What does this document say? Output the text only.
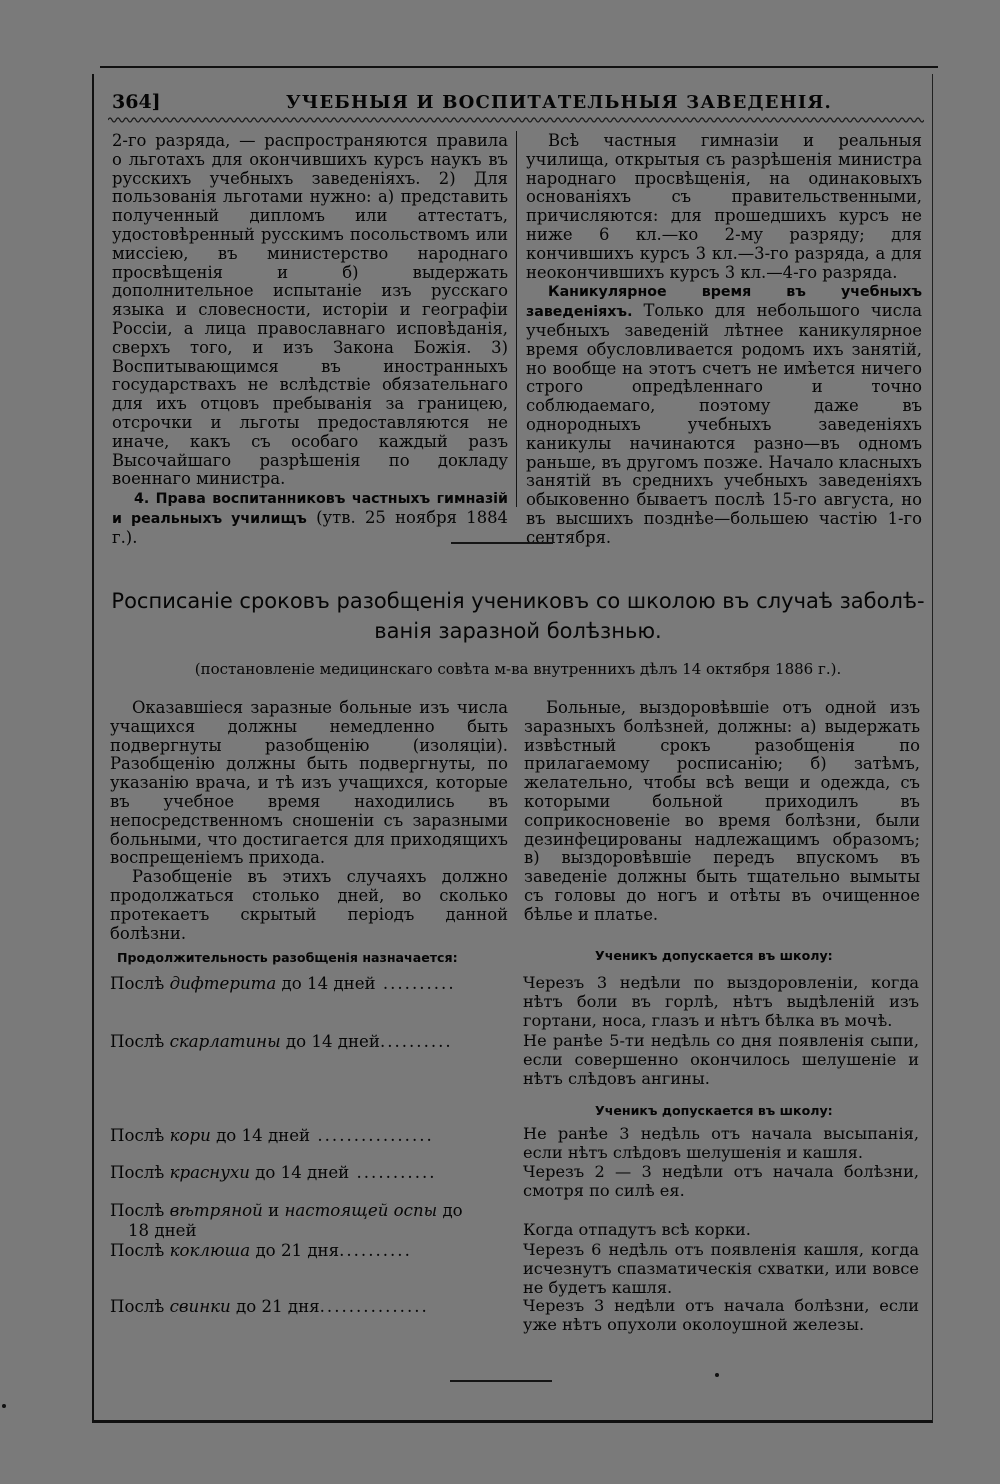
364]	УЧЕБНЫЯ И ВОСПИТАТЕЛЬНЫЯ ЗАВЕДЕНІЯ.

2-го разряда, — распространяются правила о льготахъ для окончившихъ курсъ наукъ въ русскихъ учебныхъ заведеніяхъ. 2) Для пользованія льготами нужно: а) представить полученный дипломъ или аттестатъ, удостовѣренный русскимъ посольствомъ или миссіею, въ министерство народнаго просвѣщенія и б) выдержать дополнительное испытаніе изъ русскаго языка и словесности, исторіи и географіи Россіи, а лица православнаго исповѣданія, сверхъ того, и изъ Закона Божія. 3) Воспитывающимся въ иностранныхъ государствахъ не вслѣдствіе обязательнаго для ихъ отцовъ пребыванія за границею, отсрочки и льготы предоставляются не иначе, какъ съ особаго каждый разъ Высочайшаго разрѣшенія по докладу военнаго министра.

4. Права воспитанниковъ частныхъ гимназій и реальныхъ училищъ (утв. 25 ноября 1884 г.).

Всѣ частныя гимназіи и реальныя училища, открытыя съ разрѣшенія министра народнаго просвѣщенія, на одинаковыхъ основаніяхъ съ правительственными, причисляются: для прошедшихъ курсъ не ниже 6 кл.—ко 2-му разряду; для кончившихъ курсъ 3 кл.—3-го разряда, а для неокончившихъ курсъ 3 кл.—4-го разряда.

Каникулярное время въ учебныхъ заведеніяхъ. Только для небольшого числа учебныхъ заведеній лѣтнее каникулярное время обусловливается родомъ ихъ занятій, но вообще на этотъ счетъ не имѣется ничего строго опредѣленнаго и точно соблюдаемаго, поэтому даже въ однородныхъ учебныхъ заведеніяхъ каникулы начинаются разно—въ одномъ раньше, въ другомъ позже. Начало класныхъ занятій въ среднихъ учебныхъ заведеніяхъ обыковенно бываетъ послѣ 15-го августа, но въ высшихъ позднѣе—большею частію 1-го сентября.

Росписаніе сроковъ разобщенія учениковъ со школою въ случаѣ заболѣ-
ванія заразной болѣзнью.
(постановленіе медицинскаго совѣта м-ва внутреннихъ дѣлъ 14 октября 1886 г.).

Оказавшіеся заразные больные изъ числа учащихся должны немедленно быть подвергнуты разобщенію (изоляціи). Разобщенію должны быть подвергнуты, по указанію врача, и тѣ изъ учащихся, которые въ учебное время находились въ непосредственномъ сношеніи съ заразными больными, что достигается для приходящихъ воспрещеніемъ прихода.

Разобщеніе въ этихъ случаяхъ должно продолжаться столько дней, во сколько протекаетъ скрытый періодъ данной болѣзни.

Больные, выздоровѣвшіе отъ одной изъ заразныхъ болѣзней, должны: а) выдержать извѣстный срокъ разобщенія по прилагаемому росписанію; б) затѣмъ, желательно, чтобы всѣ вещи и одежда, съ которыми больной приходилъ въ соприкосновеніе во время болѣзни, были дезинфецированы надлежащимъ образомъ; в) выздоровѣвшіе передъ впускомъ въ заведеніе должны быть тщательно вымыты съ головы до ногъ и отѣты въ очищенное бѣлье и платье.

Продолжительность разобщенія назначается:	Ученикъ допускается въ школу:
Ученикъ допускается въ школу:
Послѣ дифтерита до 14 дней ..........	Черезъ 3 недѣли по выздоровленіи, когда нѣтъ боли въ горлѣ, нѣтъ выдѣленій изъ гортани, носа, глазъ и нѣтъ бѣлка въ мочѣ.
Послѣ скарлатины до 14 дней..........	Не ранѣе 5-ти недѣль со дня появленія сыпи, если совершенно окончилось шелушеніе и нѣтъ слѣдовъ ангины.
Послѣ кори до 14 дней ................	Не ранѣе 3 недѣль отъ начала высыпанія, если нѣтъ слѣдовъ шелушенія и кашля.
Послѣ краснухи до 14 дней ...........	Черезъ 2 — 3 недѣли отъ начала болѣзни, смотря по силѣ ея.
Послѣ вѣтряной и настоящей оспы до
18 дней	Когда отпадутъ всѣ корки.
Послѣ коклюша до 21 дня..........	Черезъ 6 недѣль отъ появленія кашля, когда исчезнутъ спазматическія схватки, или вовсе не будетъ кашля.
Послѣ свинки до 21 дня...............	Черезъ 3 недѣли отъ начала болѣзни, если уже нѣтъ опухоли околоушной железы.
